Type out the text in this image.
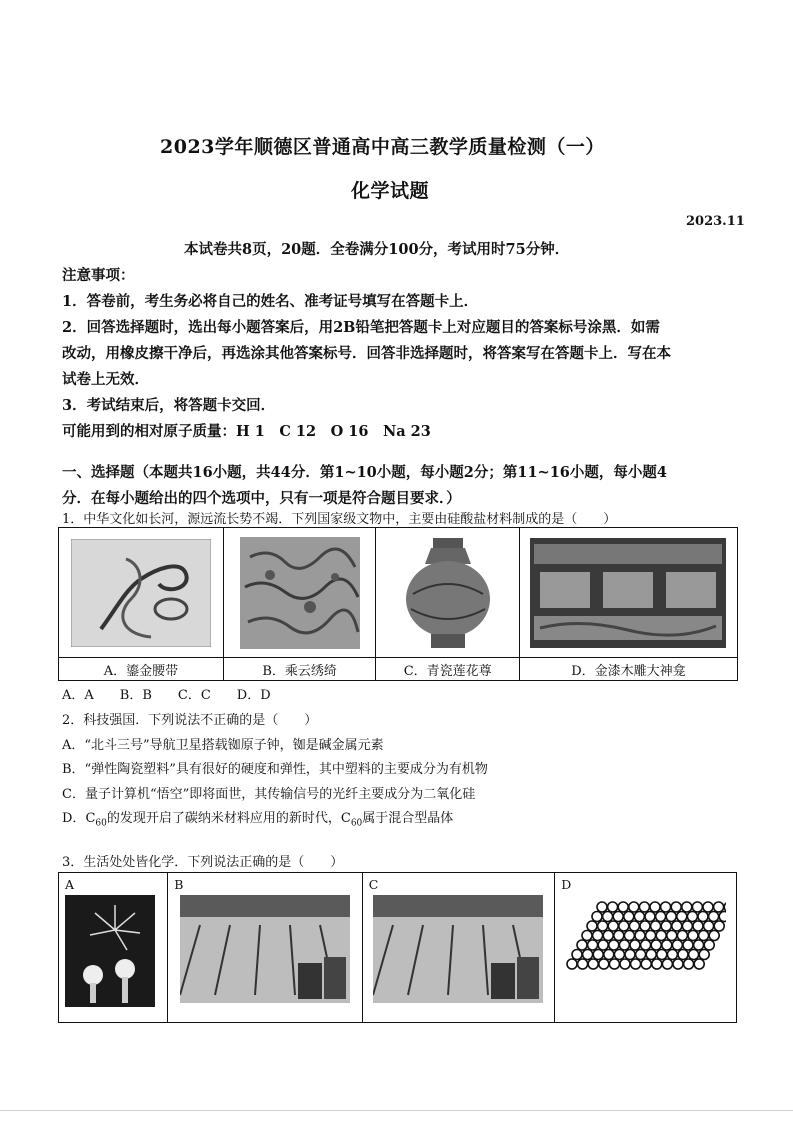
2023学年顺德区普通高中高三教学质量检测（一）
化学试题
2023.11
本试卷共8页，20题．全卷满分100分，考试用时75分钟．
注意事项：
1．答卷前，考生务必将自己的姓名、准考证号填写在答题卡上．
2．回答选择题时，选出每小题答案后，用2B铅笔把答题卡上对应题目的答案标号涂黑．如需
改动，用橡皮擦干净后，再选涂其他答案标号．回答非选择题时，将答案写在答题卡上．写在本
试卷上无效．
3．考试结束后，将答题卡交回．
可能用到的相对原子质量：H 1　C 12　O 16　Na 23
一、选择题（本题共16小题，共44分．第1~10小题，每小题2分；第11~16小题，每小题4
分．在每小题给出的四个选项中，只有一项是符合题目要求．）
1．中华文化如长河，源远流长势不竭．下列国家级文物中，主要由硅酸盐材料制成的是（　　）

A．鎏金腰带	B．乘云绣绮	C．青瓷莲花尊	D．金漆木雕大神龛
A．A　　B．B　　C．C　　D．D
2．科技强国．下列说法不正确的是（　　）
A．“北斗三号”导航卫星搭载铷原子钟，铷是碱金属元素
B．“弹性陶瓷塑料”具有很好的硬度和弹性，其中塑料的主要成分为有机物
C．量子计算机“悟空”即将面世，其传输信号的光纤主要成分为二氧化硅
D．$C_{60}$的发现开启了碳纳米材料应用的新时代，$C_{60}$属于混合型晶体
3．生活处处皆化学．下列说法正确的是（　　）
A	B	C	D
